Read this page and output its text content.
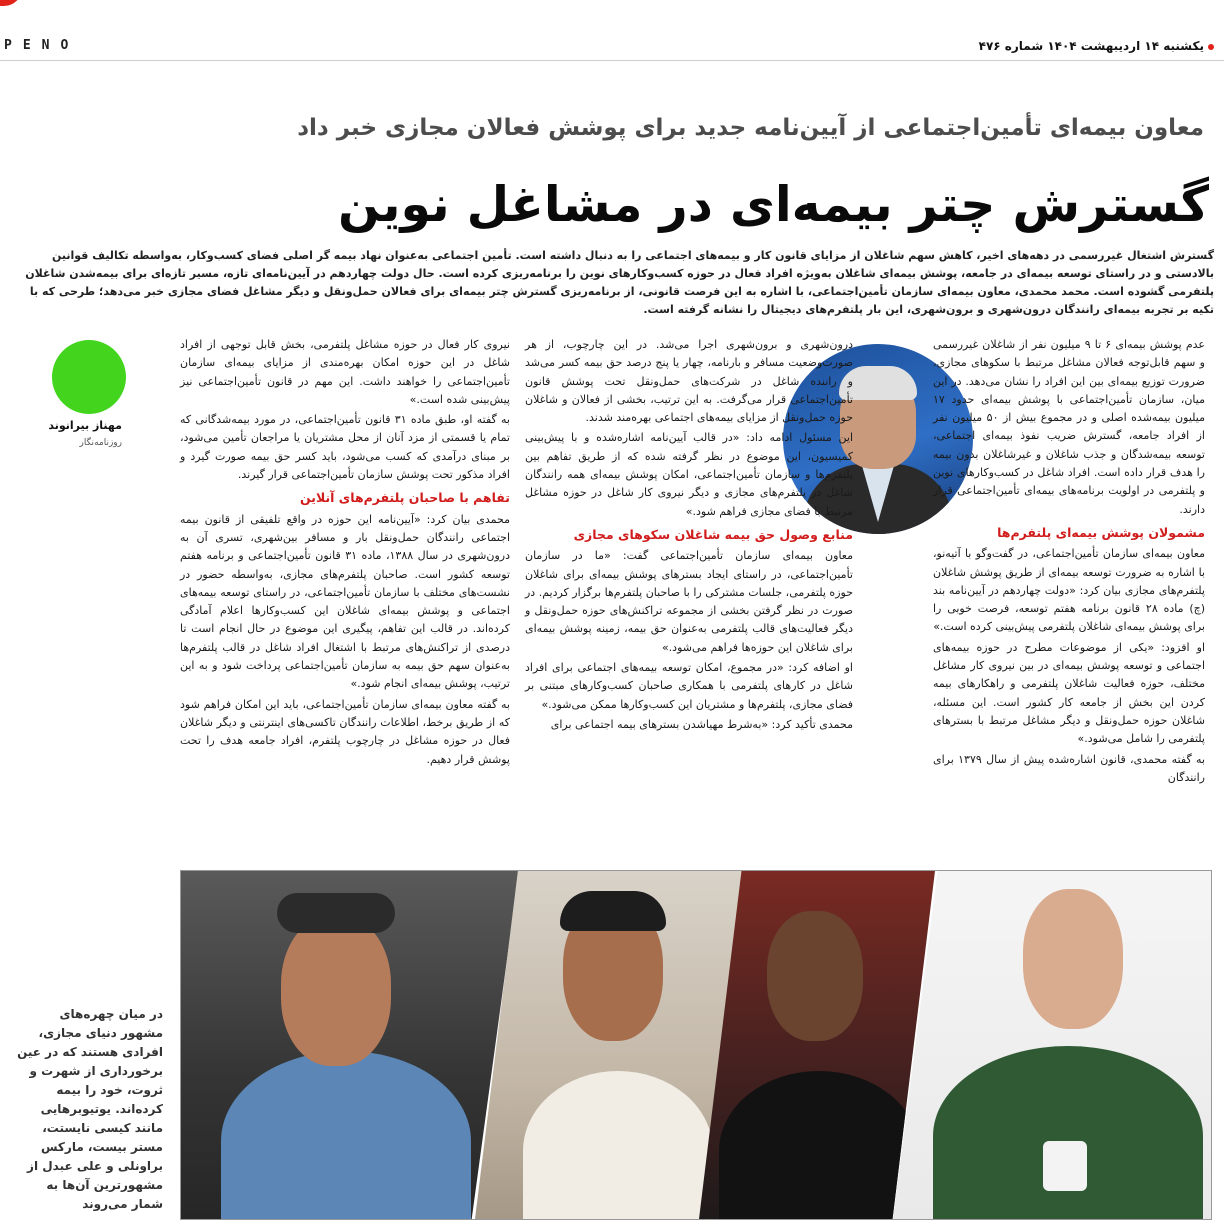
PENO	یکشنبه ۱۴ اردیبهشت ۱۴۰۴ شماره ۴۷۶
معاون بیمه‌ای تأمین‌اجتماعی از آیین‌نامه جدید برای پوشش فعالان مجازی خبر داد
گسترش چتر بیمه‌ای در مشاغل نوین
گسترش اشتغال غیررسمی در دهه‌های اخیر، کاهش سهم شاغلان از مزایای قانون کار و بیمه‌های اجتماعی را به دنبال داشته است. تأمین اجتماعی به‌عنوان نهاد بیمه گر اصلی فضای کسب‌وکار، به‌واسطه تکالیف قوانین بالادستی و در راستای توسعه بیمه‌ای در جامعه، پوشش بیمه‌ای شاغلان به‌ویژه افراد فعال در حوزه کسب‌وکارهای نوین را برنامه‌ریزی کرده است. حال دولت چهاردهم در آیین‌نامه‌ای تازه، مسیر تازه‌ای برای بیمه‌شدن شاغلان پلتفرمی گشوده است. محمد محمدی، معاون بیمه‌ای سازمان تأمین‌اجتماعی، با اشاره به این فرصت قانونی، از برنامه‌ریزی گسترش چتر بیمه‌ای برای فعالان حمل‌ونقل و دیگر مشاغل فضای مجازی خبر می‌دهد؛ طرحی که با تکیه بر تجربه بیمه‌ای رانندگان درون‌شهری و برون‌شهری، این بار پلتفرم‌های دیجیتال را نشانه گرفته است.

عدم پوشش بیمه‌ای ۶ تا ۹ میلیون نفر از شاغلان غیررسمی و سهم قابل‌توجه فعالان مشاغل مرتبط با سکوهای مجازی، ضرورت توزیع بیمه‌ای بین این افراد را نشان می‌دهد. در این میان، سازمان تأمین‌اجتماعی با پوشش بیمه‌ای حدود ۱۷ میلیون بیمه‌شده اصلی و در مجموع بیش از ۵۰ میلیون نفر از افراد جامعه، گسترش ضریب نفوذ بیمه‌ای اجتماعی، توسعه بیمه‌شدگان و جذب شاغلان و غیرشاغلان بدون بیمه را هدف قرار داده است. افراد شاغل در کسب‌وکارهای نوین و پلتفرمی در اولویت برنامه‌های بیمه‌ای تأمین‌اجتماعی قرار دارند.

مشمولان پوشش بیمه‌ای پلتفرم‌ها

معاون بیمه‌ای سازمان تأمین‌اجتماعی، در گفت‌وگو با آتیه‌نو، با اشاره به ضرورت توسعه بیمه‌ای از طریق پوشش شاغلان پلتفرم‌های مجازی بیان کرد: «دولت چهاردهم در آیین‌نامه بند (چ) ماده ۲۸ قانون برنامه هفتم توسعه، فرصت خوبی را برای پوشش بیمه‌ای شاغلان پلتفرمی پیش‌بینی کرده است.»

او افزود: «یکی از موضوعات مطرح در حوزه بیمه‌های اجتماعی و توسعه پوشش بیمه‌ای در بین نیروی کار مشاغل مختلف، حوزه فعالیت شاغلان پلتفرمی و راهکارهای بیمه کردن این بخش از جامعه کار کشور است. این مسئله، شاغلان حوزه حمل‌ونقل و دیگر مشاغل مرتبط با بسترهای پلتفرمی را شامل می‌شود.»

به گفته محمدی، قانون اشاره‌شده پیش از سال ۱۳۷۹ برای رانندگان

درون‌شهری و برون‌شهری اجرا می‌شد. در این چارچوب، از هر صورت‌وضعیت مسافر و بارنامه، چهار یا پنج درصد حق بیمه کسر می‌شد و راننده شاغل در شرکت‌های حمل‌ونقل تحت پوشش قانون تأمین‌اجتماعی قرار می‌گرفت. به این ترتیب، بخشی از فعالان و شاغلان حوزه حمل‌ونقل از مزایای بیمه‌های اجتماعی بهره‌مند شدند.

این مسئول ادامه داد: «در قالب آیین‌نامه اشاره‌شده و با پیش‌بینی کمیسیون، این موضوع در نظر گرفته شده که از طریق تفاهم بین پلتفرم‌ها و سازمان تأمین‌اجتماعی، امکان پوشش بیمه‌ای همه رانندگان شاغل در پلتفرم‌های مجازی و دیگر نیروی کار شاغل در حوزه مشاغل مرتبط با فضای مجازی فراهم شود.»

منابع وصول حق بیمه شاغلان سکوهای مجازی

معاون بیمه‌ای سازمان تأمین‌اجتماعی گفت: «ما در سازمان تأمین‌اجتماعی، در راستای ایجاد بسترهای پوشش بیمه‌ای برای شاغلان حوزه پلتفرمی، جلسات مشترکی را با صاحبان پلتفرم‌ها برگزار کردیم. در صورت در نظر گرفتن بخشی از مجموعه تراکنش‌های حوزه حمل‌ونقل و دیگر فعالیت‌های قالب پلتفرمی به‌عنوان حق بیمه، زمینه پوشش بیمه‌ای برای شاغلان این حوزه‌ها فراهم می‌شود.»

او اضافه کرد: «در مجموع، امکان توسعه بیمه‌های اجتماعی برای افراد شاغل در کارهای پلتفرمی با همکاری صاحبان کسب‌وکارهای مبتنی بر فضای مجازی، پلتفرم‌ها و مشتریان این کسب‌وکارها ممکن می‌شود.»

محمدی تأکید کرد: «به‌شرط مهیاشدن بسترهای بیمه اجتماعی برای

نیروی کار فعال در حوزه مشاغل پلتفرمی، بخش قابل توجهی از افراد شاغل در این حوزه امکان بهره‌مندی از مزایای بیمه‌ای سازمان تأمین‌اجتماعی را خواهند داشت. این مهم در قانون تأمین‌اجتماعی نیز پیش‌بینی شده است.»

به گفته او، طبق ماده ۳۱ قانون تأمین‌اجتماعی، در مورد بیمه‌شدگانی که تمام یا قسمتی از مزد آنان از محل مشتریان یا مراجعان تأمین می‌شود، بر مبنای درآمدی که کسب می‌شود، باید کسر حق بیمه صورت گیرد و افراد مذکور تحت پوشش سازمان تأمین‌اجتماعی قرار گیرند.

تفاهم با صاحبان پلتفرم‌های آنلاین

محمدی بیان کرد: «آیین‌نامه این حوزه در واقع تلفیقی از قانون بیمه اجتماعی رانندگان حمل‌ونقل بار و مسافر بین‌شهری، تسری آن به درون‌شهری در سال ۱۳۸۸، ماده ۳۱ قانون تأمین‌اجتماعی و برنامه هفتم توسعه کشور است. صاحبان پلتفرم‌های مجازی، به‌واسطه حضور در نشست‌های مختلف با سازمان تأمین‌اجتماعی، در راستای توسعه بیمه‌های اجتماعی و پوشش بیمه‌ای شاغلان این کسب‌وکارها اعلام آمادگی کرده‌اند. در قالب این تفاهم، پیگیری این موضوع در حال انجام است تا درصدی از تراکنش‌های مرتبط با اشتغال افراد شاغل در قالب پلتفرم‌ها به‌عنوان سهم حق بیمه به سازمان تأمین‌اجتماعی پرداخت شود و به این ترتیب، پوشش بیمه‌ای انجام شود.»

به گفته معاون بیمه‌ای سازمان تأمین‌اجتماعی، باید این امکان فراهم شود که از طریق برخط، اطلاعات رانندگان تاکسی‌های اینترنتی و دیگر شاغلان فعال در حوزه مشاغل در چارچوب پلتفرم، افراد جامعه هدف را تحت پوشش قرار دهیم.

مهناز بیرانوند
روزنامه‌نگار
در میان چهره‌های مشهور دنیای مجازی، افرادی هستند که در عین برخورداری از شهرت و ثروت، خود را بیمه کرده‌اند. یوتیوبرهایی مانند کیسی نایستت، مستر بیست، مارکس براونلی و علی عبدل از مشهورترین آن‌ها به شمار می‌روند
